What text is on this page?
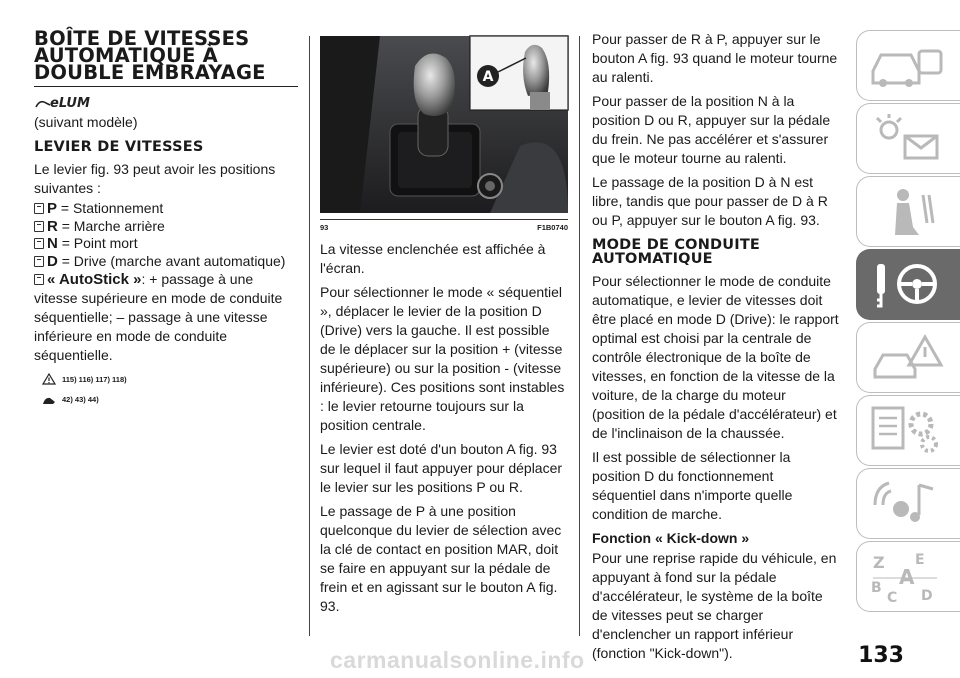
BOÎTE DE VITESSES AUTOMATIQUE À DOUBLE EMBRAYAGE
eLUM

(suivant modèle)

LEVIER DE VITESSES

Le levier fig. 93 peut avoir les positions suivantes :

P = Stationnement
R = Marche arrière
N = Point mort
D = Drive (marche avant automatique)
« AutoStick »: + passage à une vitesse supérieure en mode de conduite séquentielle; – passage à une vitesse inférieure en mode de conduite séquentielle.
115) 116) 117) 118)
42) 43) 44)
A
93	F1B0740

La vitesse enclenchée est affichée à l'écran.

Pour sélectionner le mode « séquentiel », déplacer le levier de la position D (Drive) vers la gauche. Il est possible de le déplacer sur la position + (vitesse supérieure) ou sur la position - (vitesse inférieure). Ces positions sont instables : le levier retourne toujours sur la position centrale.

Le levier est doté d'un bouton A fig. 93 sur lequel il faut appuyer pour déplacer le levier sur les positions P ou R.

Le passage de P à une position quelconque du levier de sélection avec la clé de contact en position MAR, doit se faire en appuyant sur la pédale de frein et en agissant sur le bouton A fig. 93.

Pour passer de R à P, appuyer sur le bouton A fig. 93 quand le moteur tourne au ralenti.

Pour passer de la position N à la position D ou R, appuyer sur la pédale du frein. Ne pas accélérer et s'assurer que le moteur tourne au ralenti.

Le passage de la position D à N est libre, tandis que pour passer de D à R ou P, appuyer sur le bouton A fig. 93.

MODE DE CONDUITE AUTOMATIQUE

Pour sélectionner le mode de conduite automatique, e levier de vitesses doit être placé en mode D (Drive): le rapport optimal est choisi par la centrale de contrôle électronique de la boîte de vitesses, en fonction de la vitesse de la voiture, de la charge du moteur (position de la pédale d'accélérateur) et de l'inclinaison de la chaussée.

Il est possible de sélectionner la position D du fonctionnement séquentiel dans n'importe quelle condition de marche.

Fonction « Kick-down »

Pour une reprise rapide du véhicule, en appuyant à fond sur la pédale d'accélérateur, le système de la boîte de vitesses peut se charger d'enclencher un rapport inférieur (fonction "Kick-down").

Z E
A
B
C D
133
carmanualsonline.info
